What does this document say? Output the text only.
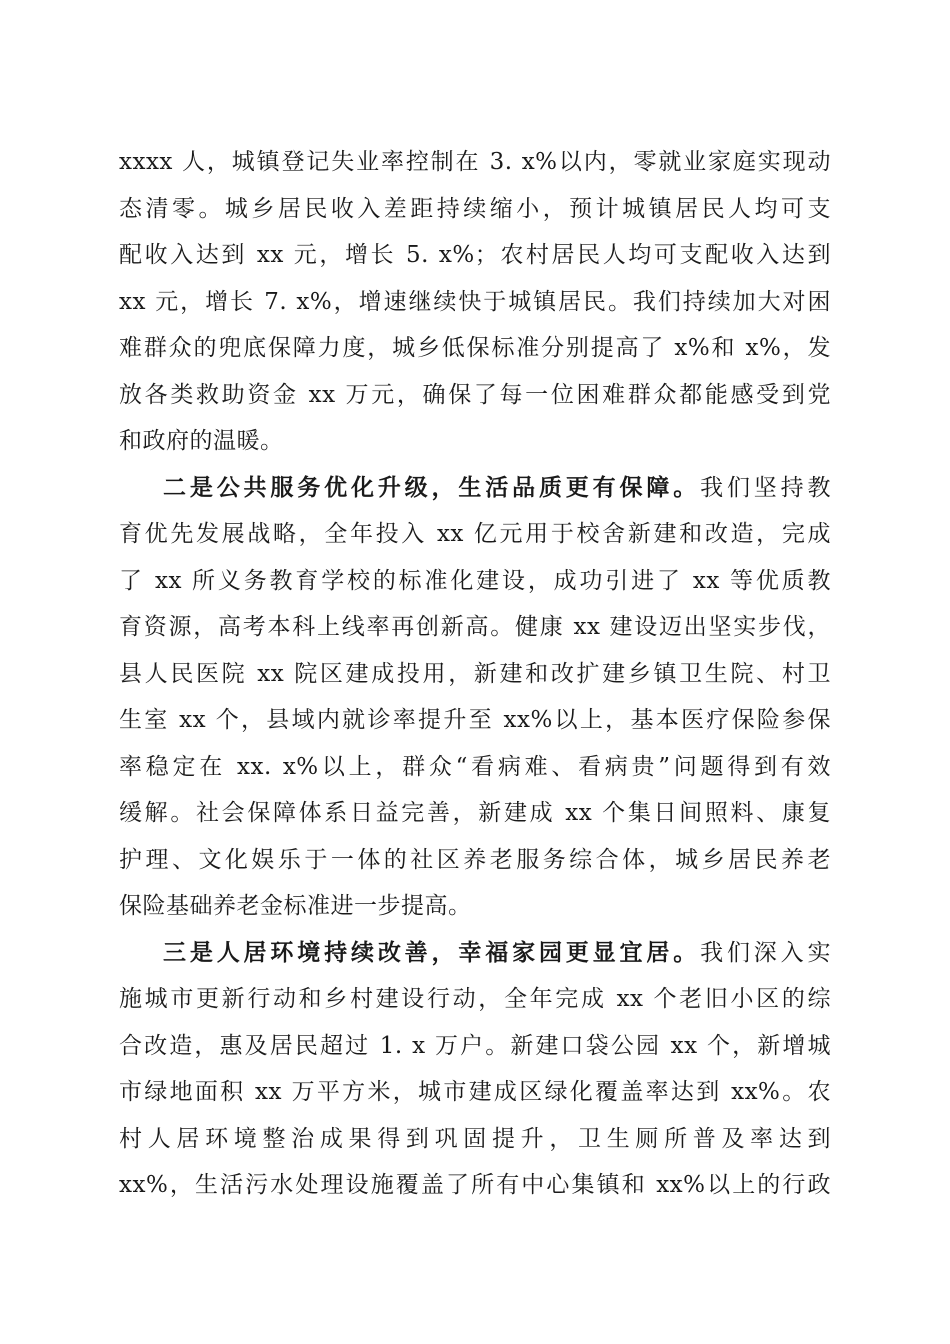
xxxx 人，城镇登记失业率控制在 3. x%以内，零就业家庭实现动
态清零。城乡居民收入差距持续缩小，预计城镇居民人均可支
配收入达到 xx 元，增长 5. x%；农村居民人均可支配收入达到
xx 元，增长 7. x%，增速继续快于城镇居民。我们持续加大对困
难群众的兜底保障力度，城乡低保标准分别提高了 x%和 x%，发
放各类救助资金 xx 万元，确保了每一位困难群众都能感受到党
和政府的温暖。
二是公共服务优化升级，生活品质更有保障。我们坚持教
育优先发展战略，全年投入 xx 亿元用于校舍新建和改造，完成
了 xx 所义务教育学校的标准化建设，成功引进了 xx 等优质教
育资源，高考本科上线率再创新高。健康 xx 建设迈出坚实步伐，
县人民医院 xx 院区建成投用，新建和改扩建乡镇卫生院、村卫
生室 xx 个，县域内就诊率提升至 xx%以上，基本医疗保险参保
率稳定在 xx. x%以上，群众“看病难、看病贵”问题得到有效
缓解。社会保障体系日益完善，新建成 xx 个集日间照料、康复
护理、文化娱乐于一体的社区养老服务综合体，城乡居民养老
保险基础养老金标准进一步提高。
三是人居环境持续改善，幸福家园更显宜居。我们深入实
施城市更新行动和乡村建设行动，全年完成 xx 个老旧小区的综
合改造，惠及居民超过 1. x 万户。新建口袋公园 xx 个，新增城
市绿地面积 xx 万平方米，城市建成区绿化覆盖率达到 xx%。农
村人居环境整治成果得到巩固提升，卫生厕所普及率达到
xx%，生活污水处理设施覆盖了所有中心集镇和 xx%以上的行政
